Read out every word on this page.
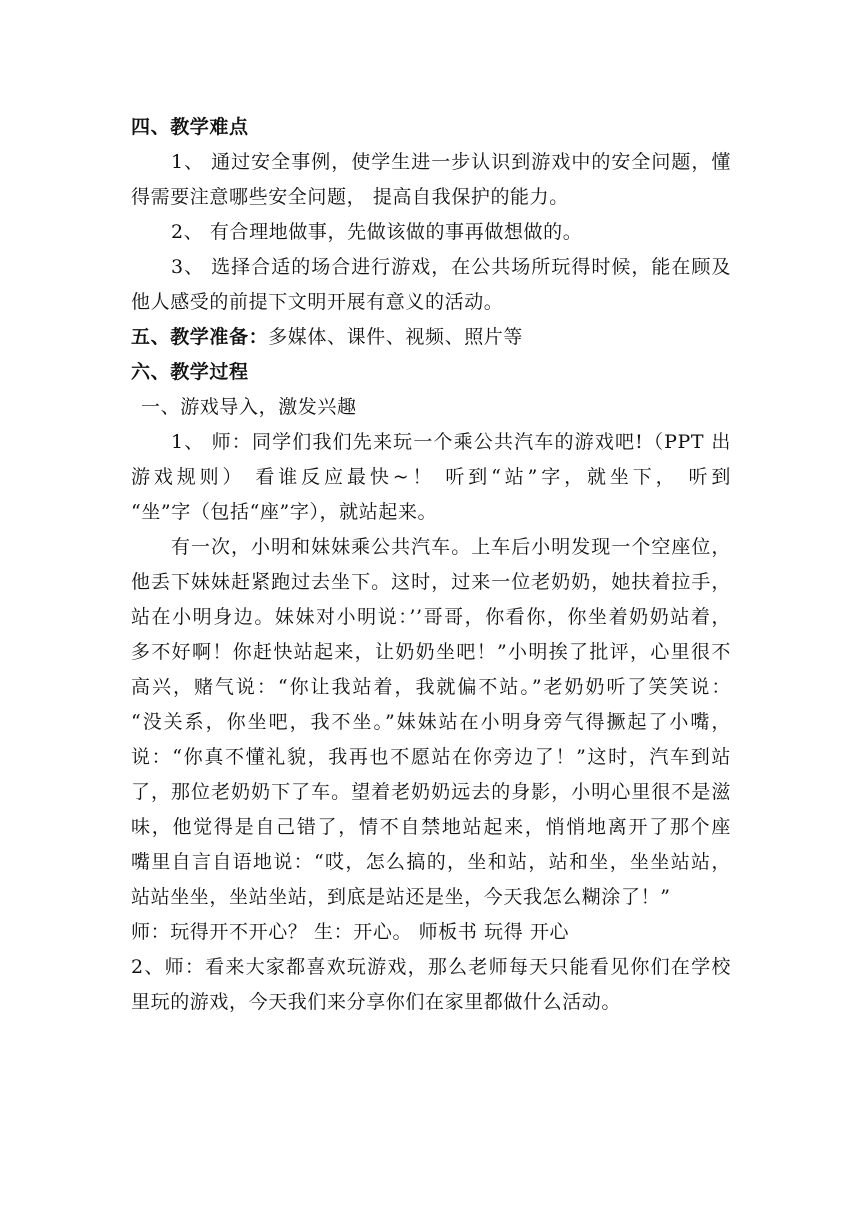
四、教学难点
1、 通过安全事例，使学生进一步认识到游戏中的安全问题，懂
得需要注意哪些安全问题， 提高自我保护的能力。
2、 有合理地做事，先做该做的事再做想做的。
3、 选择合适的场合进行游戏，在公共场所玩得时候，能在顾及
他人感受的前提下文明开展有意义的活动。
五、教学准备：多媒体、课件、视频、照片等
六、教学过程
一、游戏导入，激发兴趣
1、 师：同学们我们先来玩一个乘公共汽车的游戏吧!（PPT 出
游戏规则） 看谁反应最快~！ 听到“站”字，就坐下， 听到
“坐”字（包括“座”字），就站起来。
有一次，小明和妹妹乘公共汽车。上车后小明发现一个空座位，
他丢下妹妹赶紧跑过去坐下。这时，过来一位老奶奶，她扶着拉手，
站在小明身边。妹妹对小明说：’’哥哥，你看你，你坐着奶奶站着，
多不好啊！你赶快站起来，让奶奶坐吧！”小明挨了批评，心里很不
高兴，赌气说：“你让我站着，我就偏不站。”老奶奶听了笑笑说：
“没关系，你坐吧，我不坐。”妹妹站在小明身旁气得撅起了小嘴，
说：“你真不懂礼貌，我再也不愿站在你旁边了！”这时，汽车到站
了，那位老奶奶下了车。望着老奶奶远去的身影，小明心里很不是滋
味，他觉得是自己错了，情不自禁地站起来，悄悄地离开了那个座
嘴里自言自语地说：“哎，怎么搞的，坐和站，站和坐，坐坐站站，
站站坐坐，坐站坐站，到底是站还是坐，今天我怎么糊涂了！”
师：玩得开不开心？ 生：开心。 师板书 玩得 开心
2、师：看来大家都喜欢玩游戏，那么老师每天只能看见你们在学校
里玩的游戏，今天我们来分享你们在家里都做什么活动。
